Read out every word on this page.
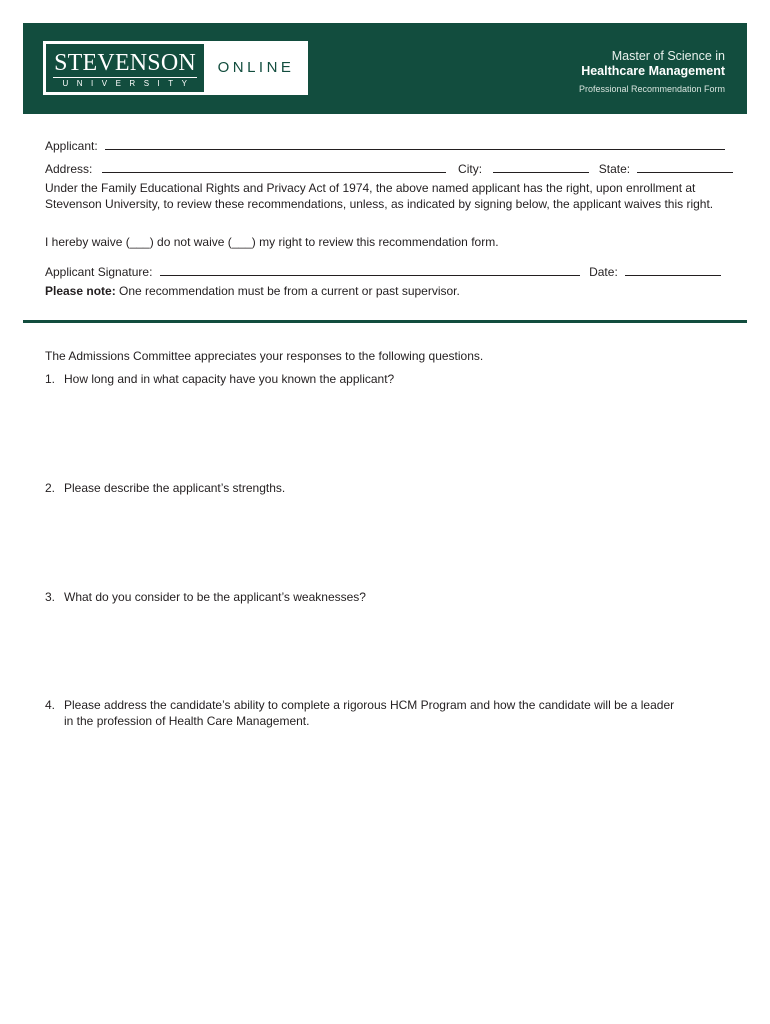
STEVENSON
UNIVERSITY
ONLINE
Master of Science in
Healthcare Management
Professional Recommendation Form
Applicant:
Address:	City:	State:
Under the Family Educational Rights and Privacy Act of 1974, the above named applicant has the right, upon enrollment at Stevenson University, to review these recommendations, unless, as indicated by signing below, the applicant waives this right.
I hereby waive (___) do not waive (___) my right to review this recommendation form.
Applicant Signature:	Date:
Please note: One recommendation must be from a current or past supervisor.
The Admissions Committee appreciates your responses to the following questions.
1. How long and in what capacity have you known the applicant?
2. Please describe the applicant’s strengths.
3. What do you consider to be the applicant’s weaknesses?
4. Please address the candidate’s ability to complete a rigorous HCM Program and how the candidate will be a leader
in the profession of Health Care Management.
